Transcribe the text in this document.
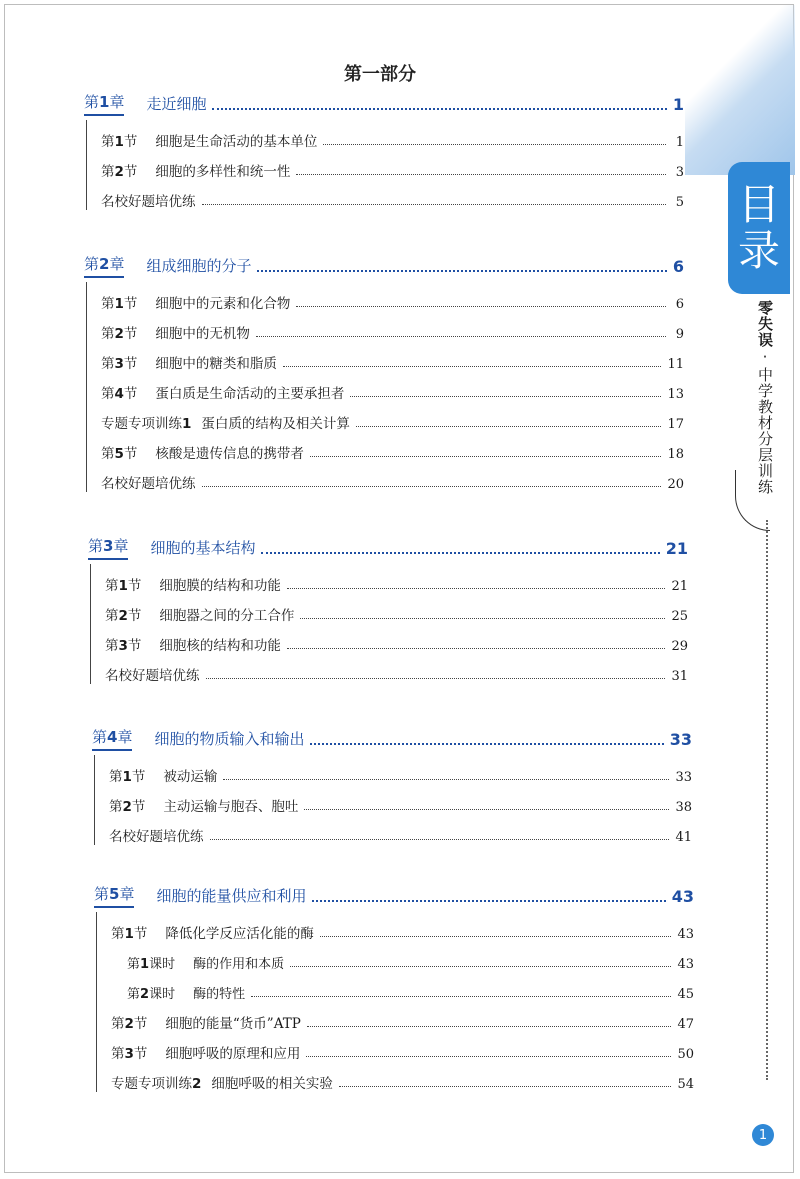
第一部分
第1章 走近细胞	1
第1节 细胞是生命活动的基本单位	1
第2节 细胞的多样性和统一性	3
名校好题培优练	5
第2章 组成细胞的分子	6
第1节 细胞中的元素和化合物	6
第2节 细胞中的无机物	9
第3节 细胞中的糖类和脂质	11
第4节 蛋白质是生命活动的主要承担者	13
专题专项训练1 蛋白质的结构及相关计算	17
第5节 核酸是遗传信息的携带者	18
名校好题培优练	20
第3章 细胞的基本结构	21
第1节 细胞膜的结构和功能	21
第2节 细胞器之间的分工合作	25
第3节 细胞核的结构和功能	29
名校好题培优练	31
第4章 细胞的物质输入和输出	33
第1节 被动运输	33
第2节 主动运输与胞吞、胞吐	38
名校好题培优练	41
第5章 细胞的能量供应和利用	43
第1节 降低化学反应活化能的酶	43
第1课时 酶的作用和本质	43
第2课时 酶的特性	45
第2节 细胞的能量“货币”ATP	47
第3节 细胞呼吸的原理和应用	50
专题专项训练2 细胞呼吸的相关实验	54
目
录
零失误·中学教材分层训练
1
